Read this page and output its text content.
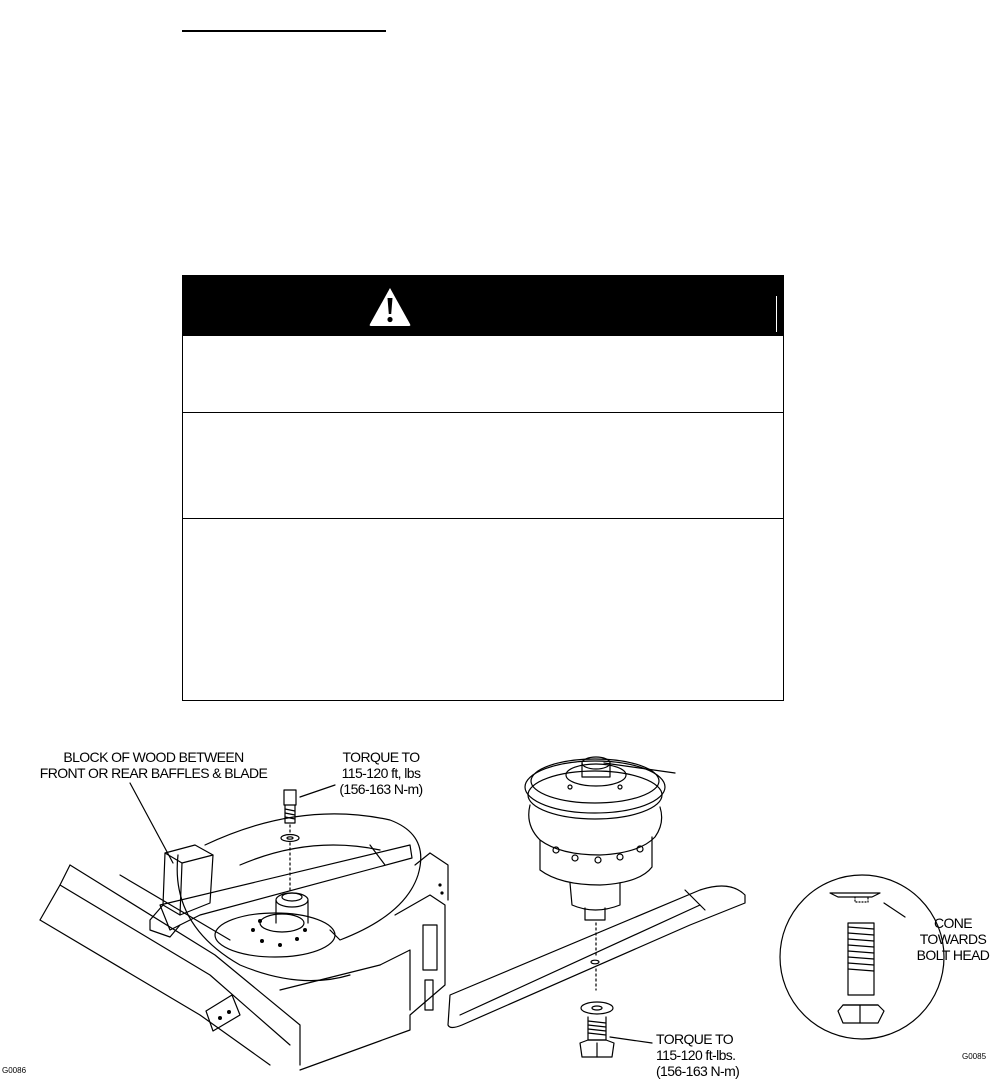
BLOCK OF WOOD BETWEEN
FRONT OR REAR BAFFLES & BLADE
TORQUE TO
115-120 ft, lbs
(156-163 N-m)
G0086
TORQUE TO
115-120 ft-lbs.
(156-163 N-m)
CONE TOWARDS
BOLT HEAD
G0085
